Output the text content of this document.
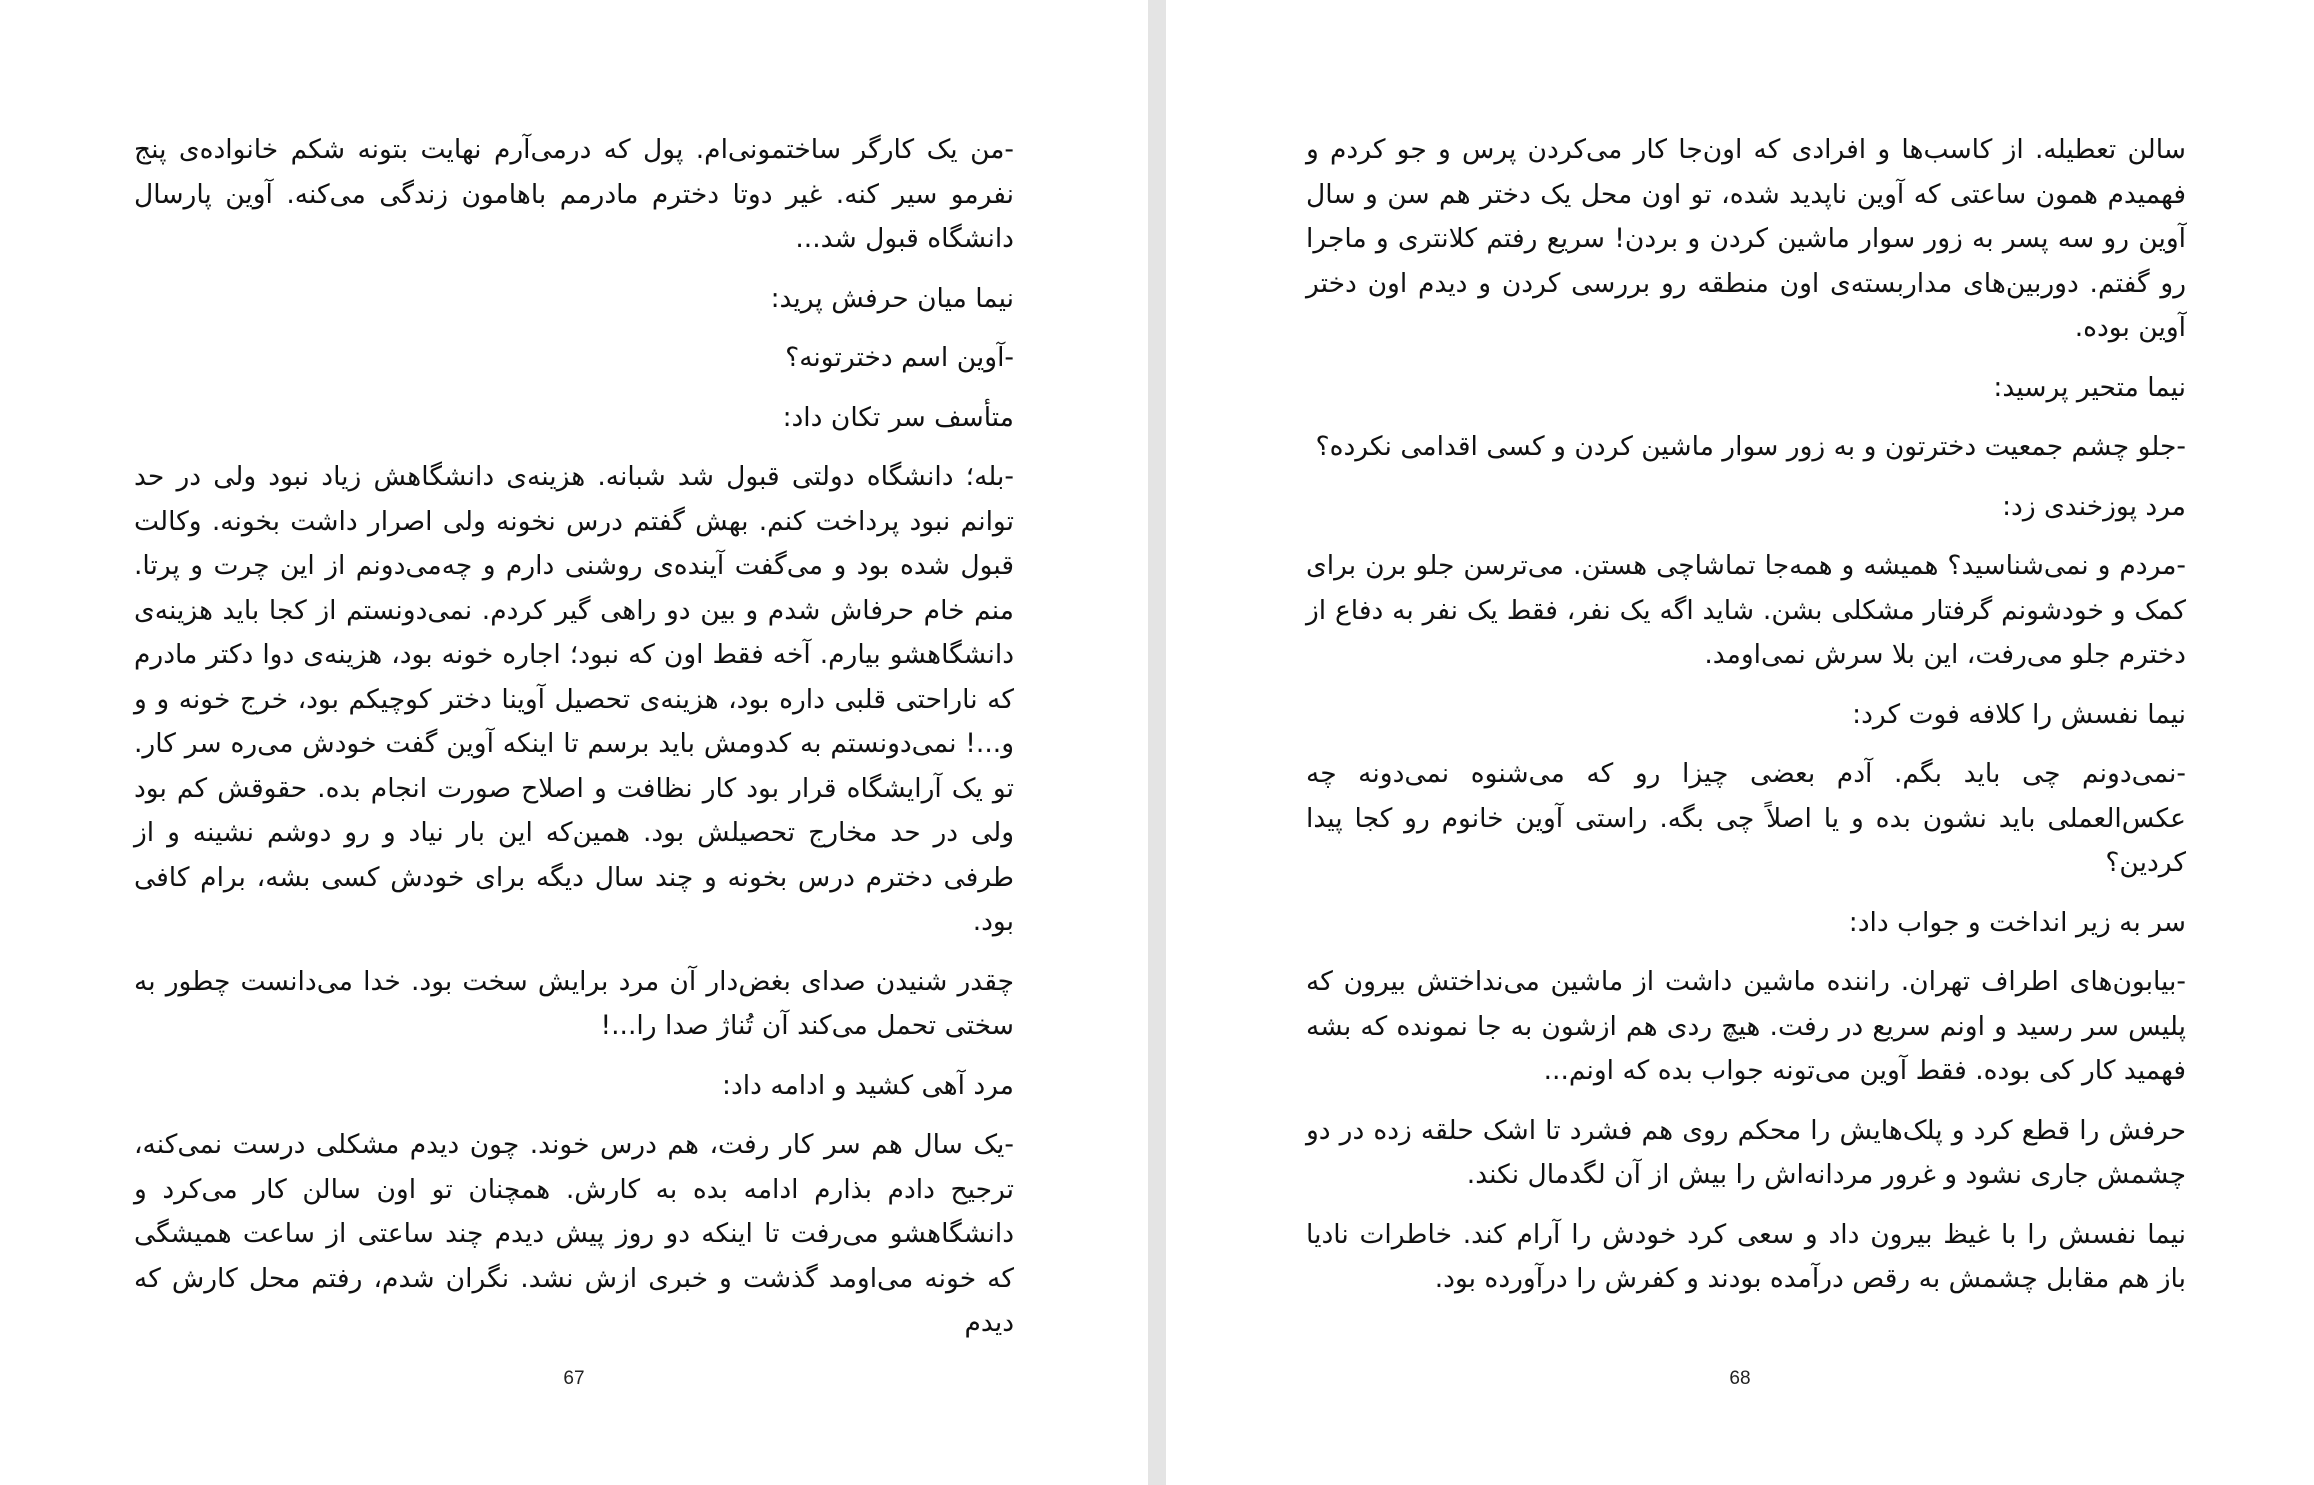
-من یک کارگر ساختمونی‌ام. پول که درمی‌آرم نهایت بتونه شکم خانواده‌ی پنج نفرمو سیر کنه. غیر دوتا دخترم مادرمم باهامون زندگی می‌کنه. آوین پارسال دانشگاه قبول شد...

نیما میان حرفش پرید:

-آوین اسم دخترتونه؟

متأسف سر تکان داد:

-بله؛ دانشگاه دولتی قبول شد شبانه. هزینه‌ی دانشگاهش زیاد نبود ولی در حد توانم نبود پرداخت کنم. بهش گفتم درس نخونه ولی اصرار داشت بخونه. وکالت قبول شده بود و می‌گفت آینده‌ی روشنی دارم و چه‌می‌دونم از این چرت و پرتا. منم خام حرفاش شدم و بین دو راهی گیر کردم. نمی‌دونستم از کجا باید هزینه‌ی دانشگاهشو بیارم. آخه فقط اون که نبود؛ اجاره خونه بود، هزینه‌ی دوا دکتر مادرم که ناراحتی قلبی داره بود، هزینه‌ی تحصیل آوینا دختر کوچیکم بود، خرج خونه و و و...! نمی‌دونستم به کدومش باید برسم تا اینکه آوین گفت خودش می‌ره سر کار. تو یک آرایشگاه قرار بود کار نظافت و اصلاح صورت انجام بده. حقوقش کم بود ولی در حد مخارج تحصیلش بود. همین‌که این بار نیاد و رو دوشم نشینه و از طرفی دخترم درس بخونه و چند سال دیگه برای خودش کسی بشه، برام کافی بود.

چقدر شنیدن صدای بغض‌دار آن مرد برایش سخت بود. خدا می‌دانست چطور به سختی تحمل می‌کند آن تُناژ صدا را...!

مرد آهی کشید و ادامه داد:

-یک سال هم سر کار رفت، هم درس خوند. چون دیدم مشکلی درست نمی‌کنه، ترجیح دادم بذارم ادامه بده به کارش. همچنان تو اون سالن کار می‌کرد و دانشگاهشو می‌رفت تا اینکه دو روز پیش دیدم چند ساعتی از ساعت همیشگی که خونه می‌اومد گذشت و خبری ازش نشد. نگران شدم، رفتم محل کارش که دیدم

67

سالن تعطیله. از کاسب‌ها و افرادی که اون‌جا کار می‌کردن پرس و جو کردم و فهمیدم همون ساعتی که آوین ناپدید شده، تو اون محل یک دختر هم سن و سال آوین رو سه پسر به زور سوار ماشین کردن و بردن! سریع رفتم کلانتری و ماجرا رو گفتم. دوربین‌های مداربسته‌ی اون منطقه رو بررسی کردن و دیدم اون دختر آوین بوده.

نیما متحیر پرسید:

-جلو چشم جمعیت دخترتون و به زور سوار ماشین کردن و کسی اقدامی نکرده؟

مرد پوزخندی زد:

-مردم و نمی‌شناسید؟ همیشه و همه‌جا تماشاچی هستن. می‌ترسن جلو برن برای کمک و خودشونم گرفتار مشکلی بشن. شاید اگه یک نفر، فقط یک نفر به دفاع از دخترم جلو می‌رفت، این بلا سرش نمی‌اومد.

نیما نفسش را کلافه فوت کرد:

-نمی‌دونم چی باید بگم. آدم بعضی چیزا رو که می‌شنوه نمی‌دونه چه عکس‌العملی باید نشون بده و یا اصلاً چی بگه. راستی آوین خانوم رو کجا پیدا کردین؟

سر به زیر انداخت و جواب داد:

-بیابون‌های اطراف تهران. راننده ماشین داشت از ماشین می‌نداختش بیرون که پلیس سر رسید و اونم سریع در رفت. هیچ ردی هم ازشون به جا نمونده که بشه فهمید کار کی بوده. فقط آوین می‌تونه جواب بده که اونم...

حرفش را قطع کرد و پلک‌هایش را محکم روی هم فشرد تا اشک حلقه زده در دو چشمش جاری نشود و غرور مردانه‌اش را بیش از آن لگدمال نکند.

نیما نفسش را با غیظ بیرون داد و سعی کرد خودش را آرام کند. خاطرات نادیا باز هم مقابل چشمش به رقص درآمده بودند و کفرش را درآورده بود.

68
